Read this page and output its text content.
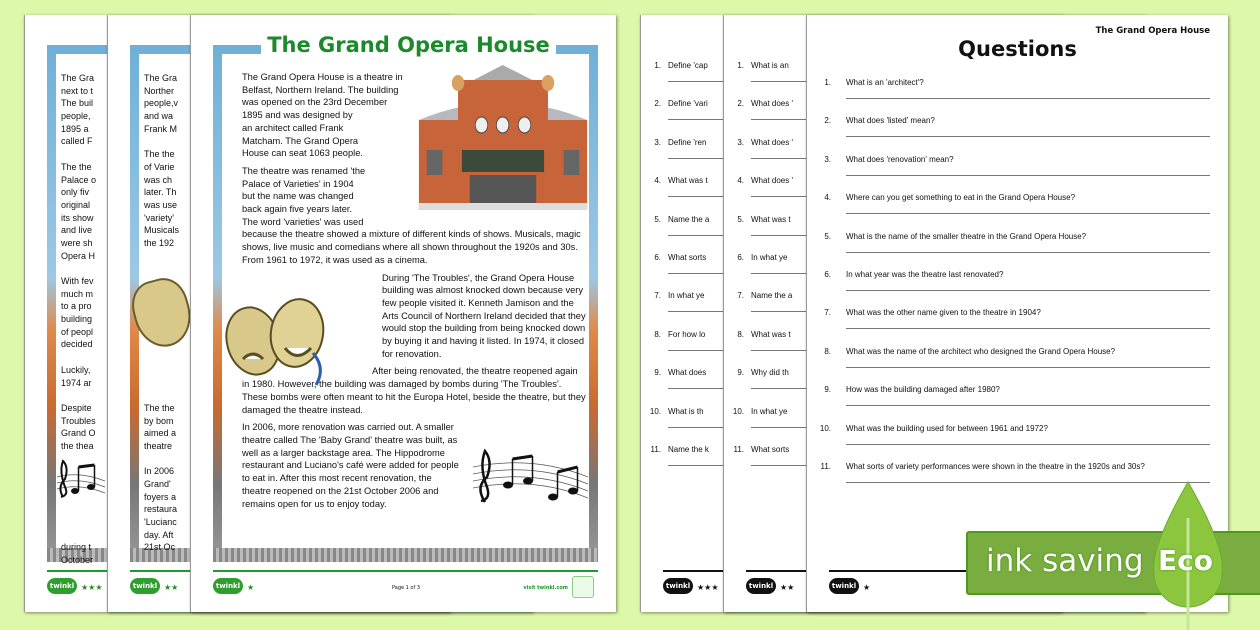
The Gra
next to t
The buil
people,
1895 a
called F
The the
Palace o
only fiv
original
its show
and live
were sh
Opera H
With fev
much m
to a pro
building
of peopl
decided
Luckily,
1974 ar
Despite
Troubles
Grand O
the thea
during t
October
twinkl ★★★
The Gra
Norther
people,v
and wa
Frank M
The the
of Varie
was ch
later. Th
was use
'variety'
Musicals
the 192
The the
by bom
aimed a
theatre
In 2006
Grand'
foyers a
restaura
'Lucianc
day. Aft
21st Oc
twinkl ★★
The Grand Opera House
The Grand Opera House is a theatre in
Belfast, Northern Ireland. The building
was opened on the 23rd December
1895 and was designed by
an architect called Frank
Matcham. The Grand Opera
House can seat 1063 people.
The theatre was renamed 'the
Palace of Varieties' in 1904
but the name was changed
back again five years later.
The word 'varieties' was used

because the theatre showed a mixture of different kinds of shows. Musicals, magic shows, live music and comedians where all shown throughout the 1920s and 30s. From 1961 to 1972, it was used as a cinema.

During 'The Troubles', the Grand Opera House building was almost knocked down because very few people visited it. Kenneth Jamison and the Arts Council of Northern Ireland decided that they would stop the building from being knocked down by buying it and having it listed. In 1974, it closed for renovation.

After being renovated, the theatre reopened again in 1980. However, the building was damaged by bombs during 'The Troubles'. These bombs were often meant to hit the Europa Hotel, beside the theatre, but they damaged the theatre instead.

In 2006, more renovation was carried out. A smaller theatre called The 'Baby Grand' theatre was built, as well as a larger backstage area. The Hippodrome restaurant and Luciano's café were added for people to eat in. After this most recent renovation, the theatre reopened on the 21st October 2006 and remains open for us to enjoy today.

twinkl ★	Page 1 of 3	visit twinkl.com
1. Define 'cap
2. Define 'vari
3. Define 'ren
4. What was t
5. Name the a
6. What sorts
7. In what ye
8. For how lo
9. What does
10. What is th
11. Name the k
twinkl ★★★
1. What is an
2. What does '
3. What does '
4. What does '
5. What was t
6. In what ye
7. Name the a
8. What was t
9. Why did th
10. In what ye
11. What sorts
twinkl ★★
The Grand Opera House
Questions
1. What is an 'architect'?
2. What does 'listed' mean?
3. What does 'renovation' mean?
4. Where can you get something to eat in the Grand Opera House?
5. What is the name of the smaller theatre in the Grand Opera House?
6. In what year was the theatre last renovated?
7. What was the other name given to the theatre in 1904?
8. What was the name of the architect who designed the Grand Opera House?
9. How was the building damaged after 1980?
10. What was the building used for between 1961 and 1972?
11. What sorts of variety performances were shown in the theatre in the 1920s and 30s?
twinkl ★
ink saving Eco
